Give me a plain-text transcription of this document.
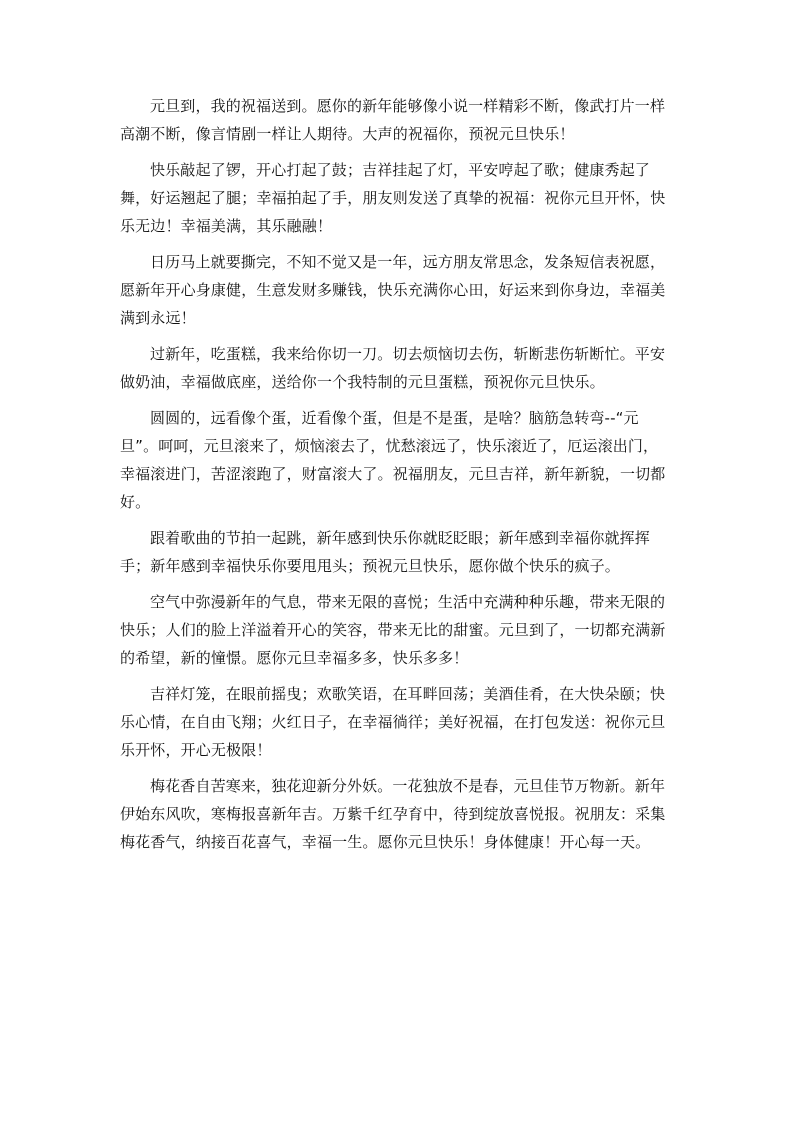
元旦到，我的祝福送到。愿你的新年能够像小说一样精彩不断，像武打片一样高潮不断，像言情剧一样让人期待。大声的祝福你，预祝元旦快乐！

快乐敲起了锣，开心打起了鼓；吉祥挂起了灯，平安哼起了歌；健康秀起了舞，好运翘起了腿；幸福拍起了手，朋友则发送了真挚的祝福：祝你元旦开怀，快乐无边！幸福美满，其乐融融！

日历马上就要撕完，不知不觉又是一年，远方朋友常思念，发条短信表祝愿，愿新年开心身康健，生意发财多赚钱，快乐充满你心田，好运来到你身边，幸福美满到永远！

过新年，吃蛋糕，我来给你切一刀。切去烦恼切去伤，斩断悲伤斩断忙。平安做奶油，幸福做底座，送给你一个我特制的元旦蛋糕，预祝你元旦快乐。

圆圆的，远看像个蛋，近看像个蛋，但是不是蛋，是啥？脑筋急转弯--“元旦”。呵呵，元旦滚来了，烦恼滚去了，忧愁滚远了，快乐滚近了，厄运滚出门，幸福滚进门，苦涩滚跑了，财富滚大了。祝福朋友，元旦吉祥，新年新貌，一切都好。

跟着歌曲的节拍一起跳，新年感到快乐你就眨眨眼；新年感到幸福你就挥挥手；新年感到幸福快乐你要甩甩头；预祝元旦快乐，愿你做个快乐的疯子。

空气中弥漫新年的气息，带来无限的喜悦；生活中充满种种乐趣，带来无限的快乐；人们的脸上洋溢着开心的笑容，带来无比的甜蜜。元旦到了，一切都充满新的希望，新的憧憬。愿你元旦幸福多多，快乐多多！

吉祥灯笼，在眼前摇曳；欢歌笑语，在耳畔回荡；美酒佳肴，在大快朵颐；快乐心情，在自由飞翔；火红日子，在幸福徜徉；美好祝福，在打包发送：祝你元旦乐开怀，开心无极限！

梅花香自苦寒来，独花迎新分外妖。一花独放不是春，元旦佳节万物新。新年伊始东风吹，寒梅报喜新年吉。万紫千红孕育中，待到绽放喜悦报。祝朋友：采集梅花香气，纳接百花喜气，幸福一生。愿你元旦快乐！身体健康！开心每一天。
